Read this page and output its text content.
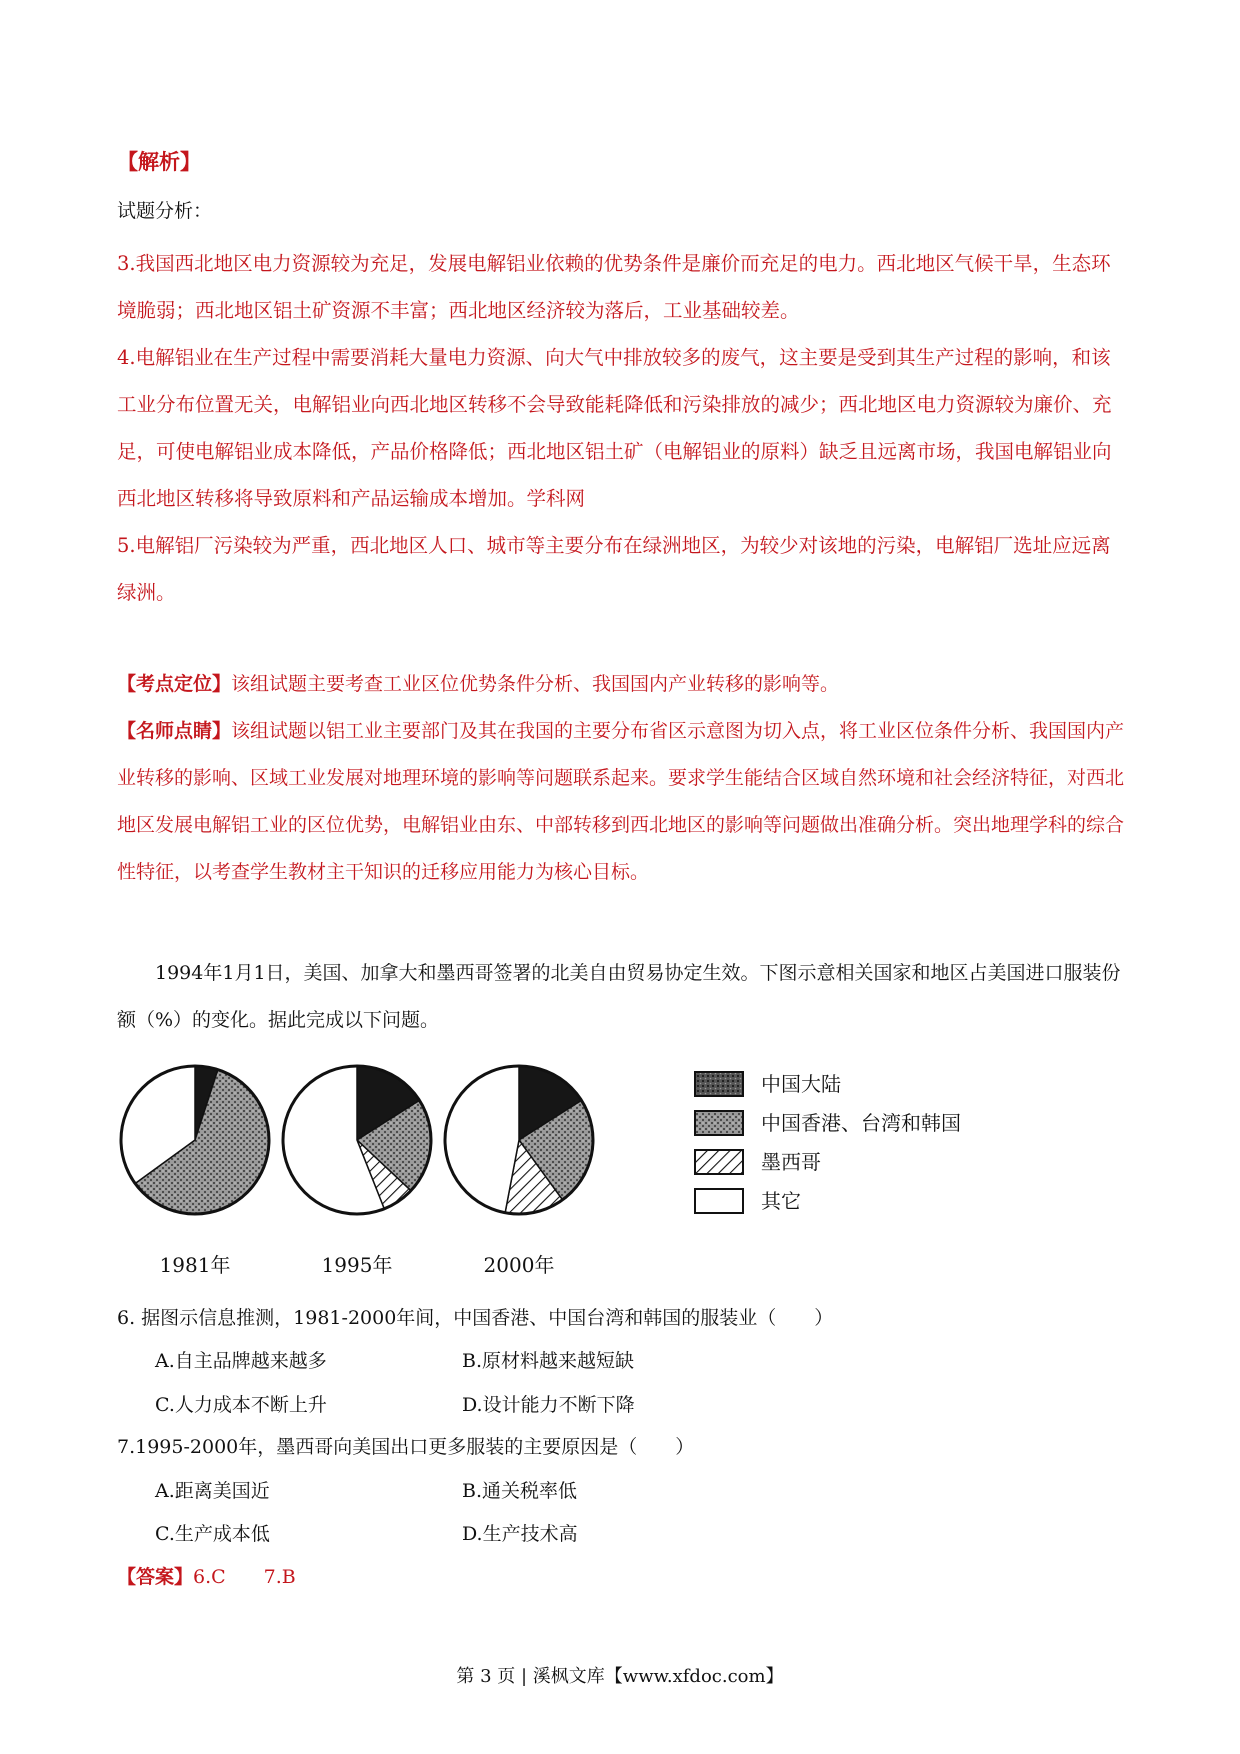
【解析】
试题分析：

3.我国西北地区电力资源较为充足，发展电解铝业依赖的优势条件是廉价而充足的电力。西北地区气候干旱，生态环境脆弱；西北地区铝土矿资源不丰富；西北地区经济较为落后，工业基础较差。

4.电解铝业在生产过程中需要消耗大量电力资源、向大气中排放较多的废气，这主要是受到其生产过程的影响，和该工业分布位置无关，电解铝业向西北地区转移不会导致能耗降低和污染排放的减少；西北地区电力资源较为廉价、充足，可使电解铝业成本降低，产品价格降低；西北地区铝土矿（电解铝业的原料）缺乏且远离市场，我国电解铝业向西北地区转移将导致原料和产品运输成本增加。学科网

5.电解铝厂污染较为严重，西北地区人口、城市等主要分布在绿洲地区，为较少对该地的污染，电解铝厂选址应远离绿洲。

【考点定位】该组试题主要考查工业区位优势条件分析、我国国内产业转移的影响等。

【名师点睛】该组试题以铝工业主要部门及其在我国的主要分布省区示意图为切入点，将工业区位条件分析、我国国内产业转移的影响、区域工业发展对地理环境的影响等问题联系起来。要求学生能结合区域自然环境和社会经济特征，对西北地区发展电解铝工业的区位优势，电解铝业由东、中部转移到西北地区的影响等问题做出准确分析。突出地理学科的综合性特征，以考查学生教材主干知识的迁移应用能力为核心目标。

1994年1月1日，美国、加拿大和墨西哥签署的北美自由贸易协定生效。下图示意相关国家和地区占美国进口服装份额（%）的变化。据此完成以下问题。

1981年	1995年	2000年
中国大陆
中国香港、台湾和韩国
墨西哥
其它
6. 据图示信息推测，1981-2000年间，中国香港、中国台湾和韩国的服装业（　　）
A.自主品牌越来越多	B.原材料越来越短缺
C.人力成本不断上升	D.设计能力不断下降
7.1995-2000年，墨西哥向美国出口更多服装的主要原因是（　　）
A.距离美国近	B.通关税率低
C.生产成本低	D.生产技术高
【答案】6.C　　7.B
第 3 页 | 溪枫文库【www.xfdoc.com】
